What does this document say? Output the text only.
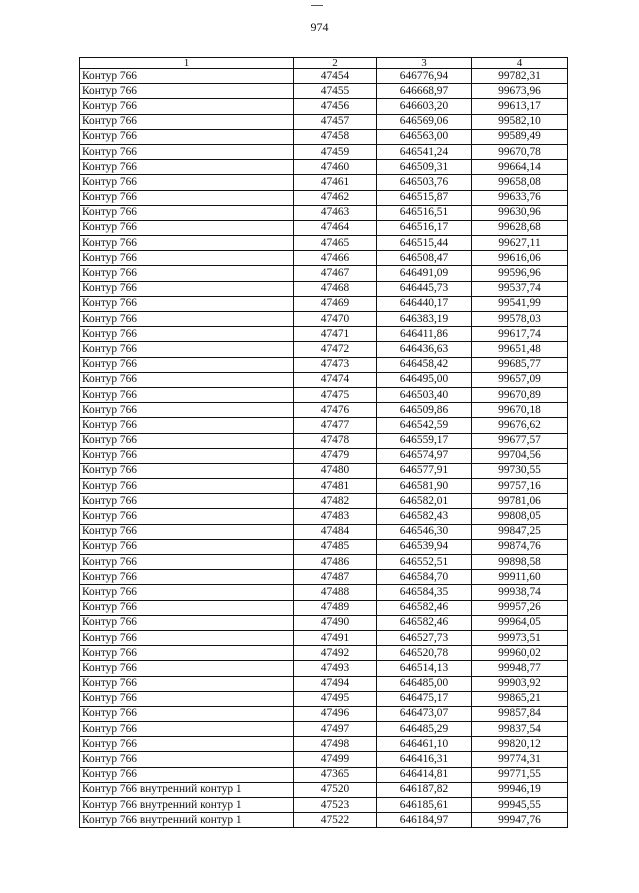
974
1	2	3	4
Контур 766	47454	646776,94	99782,31
Контур 766	47455	646668,97	99673,96
Контур 766	47456	646603,20	99613,17
Контур 766	47457	646569,06	99582,10
Контур 766	47458	646563,00	99589,49
Контур 766	47459	646541,24	99670,78
Контур 766	47460	646509,31	99664,14
Контур 766	47461	646503,76	99658,08
Контур 766	47462	646515,87	99633,76
Контур 766	47463	646516,51	99630,96
Контур 766	47464	646516,17	99628,68
Контур 766	47465	646515,44	99627,11
Контур 766	47466	646508,47	99616,06
Контур 766	47467	646491,09	99596,96
Контур 766	47468	646445,73	99537,74
Контур 766	47469	646440,17	99541,99
Контур 766	47470	646383,19	99578,03
Контур 766	47471	646411,86	99617,74
Контур 766	47472	646436,63	99651,48
Контур 766	47473	646458,42	99685,77
Контур 766	47474	646495,00	99657,09
Контур 766	47475	646503,40	99670,89
Контур 766	47476	646509,86	99670,18
Контур 766	47477	646542,59	99676,62
Контур 766	47478	646559,17	99677,57
Контур 766	47479	646574,97	99704,56
Контур 766	47480	646577,91	99730,55
Контур 766	47481	646581,90	99757,16
Контур 766	47482	646582,01	99781,06
Контур 766	47483	646582,43	99808,05
Контур 766	47484	646546,30	99847,25
Контур 766	47485	646539,94	99874,76
Контур 766	47486	646552,51	99898,58
Контур 766	47487	646584,70	99911,60
Контур 766	47488	646584,35	99938,74
Контур 766	47489	646582,46	99957,26
Контур 766	47490	646582,46	99964,05
Контур 766	47491	646527,73	99973,51
Контур 766	47492	646520,78	99960,02
Контур 766	47493	646514,13	99948,77
Контур 766	47494	646485,00	99903,92
Контур 766	47495	646475,17	99865,21
Контур 766	47496	646473,07	99857,84
Контур 766	47497	646485,29	99837,54
Контур 766	47498	646461,10	99820,12
Контур 766	47499	646416,31	99774,31
Контур 766	47365	646414,81	99771,55
Контур 766 внутренний контур 1	47520	646187,82	99946,19
Контур 766 внутренний контур 1	47523	646185,61	99945,55
Контур 766 внутренний контур 1	47522	646184,97	99947,76
